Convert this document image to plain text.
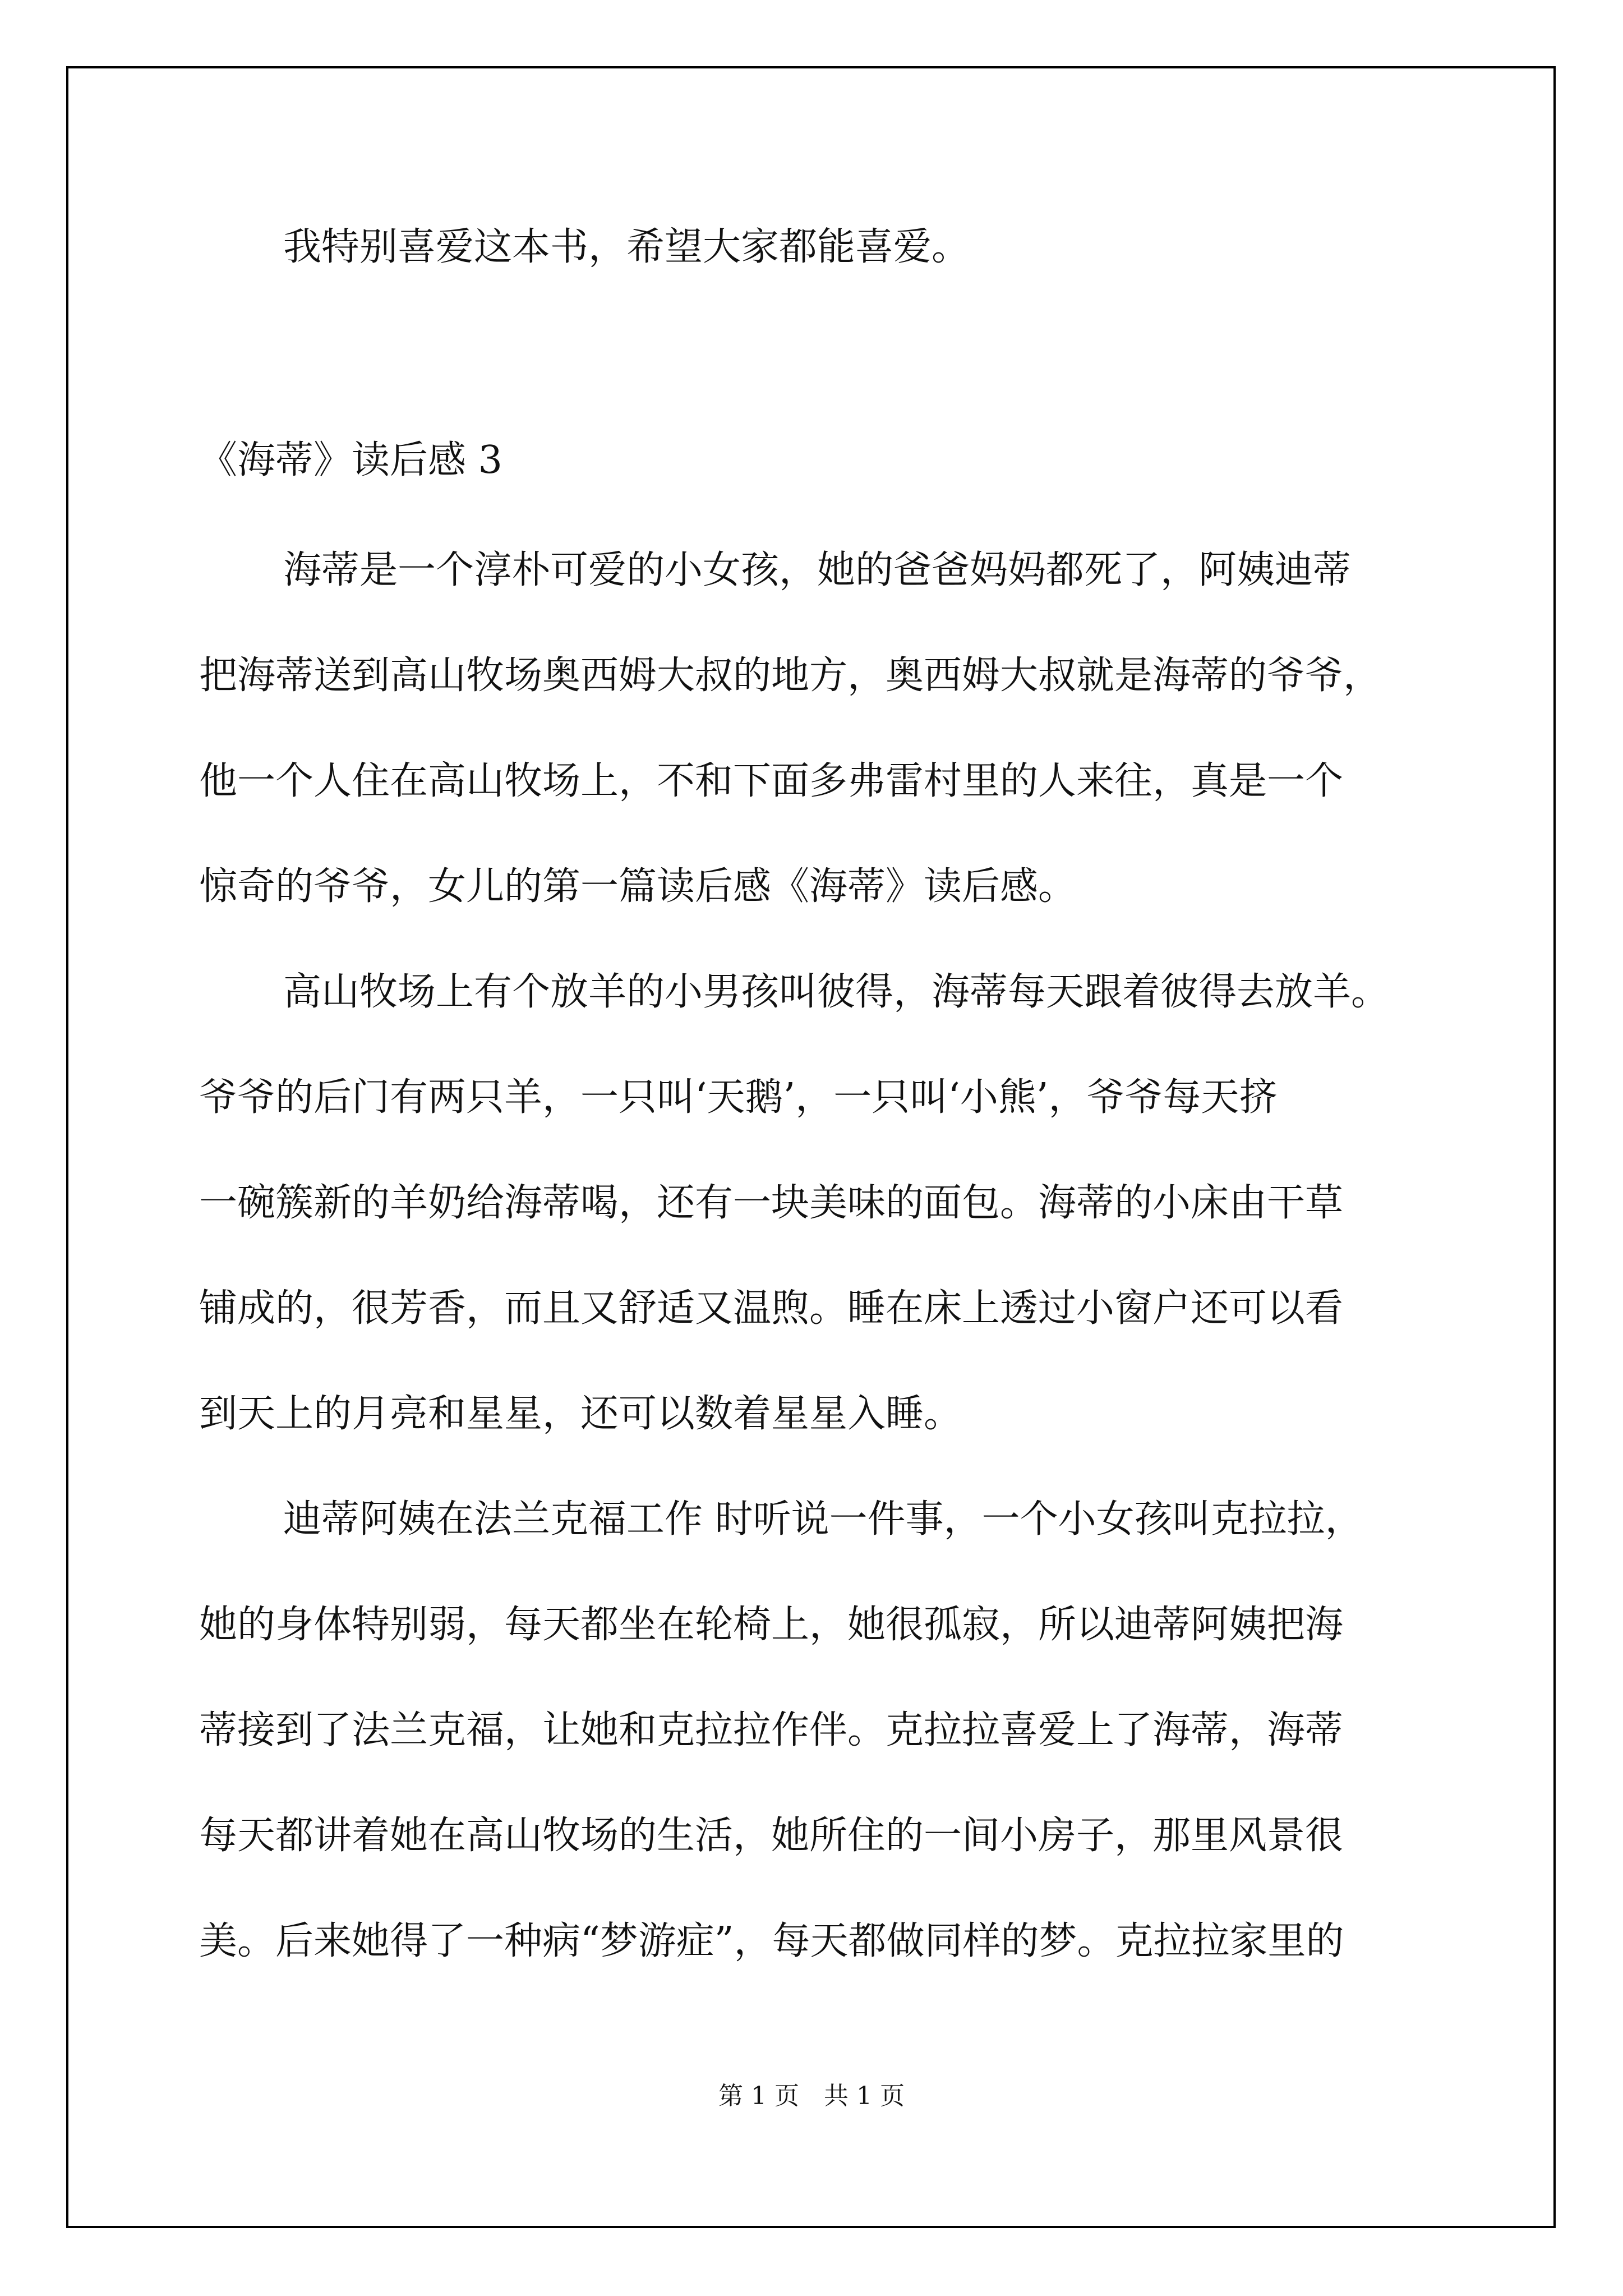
我特别喜爱这本书，希望大家都能喜爱。

《海蒂》读后感 3

海蒂是一个淳朴可爱的小女孩，她的爸爸妈妈都死了，阿姨迪蒂

把海蒂送到高山牧场奥西姆大叔的地方，奥西姆大叔就是海蒂的爷爷，

他一个人住在高山牧场上，不和下面多弗雷村里的人来往，真是一个

惊奇的爷爷，女儿的第一篇读后感《海蒂》读后感。

高山牧场上有个放羊的小男孩叫彼得，海蒂每天跟着彼得去放羊。

爷爷的后门有两只羊，一只叫‘天鹅’，一只叫‘小熊’，爷爷每天挤

一碗簇新的羊奶给海蒂喝，还有一块美味的面包。海蒂的小床由干草

铺成的，很芳香，而且又舒适又温煦。睡在床上透过小窗户还可以看

到天上的月亮和星星，还可以数着星星入睡。

迪蒂阿姨在法兰克福工作 时听说一件事，一个小女孩叫克拉拉，

她的身体特别弱，每天都坐在轮椅上，她很孤寂，所以迪蒂阿姨把海

蒂接到了法兰克福，让她和克拉拉作伴。克拉拉喜爱上了海蒂，海蒂

每天都讲着她在高山牧场的生活，她所住的一间小房子，那里风景很

美。后来她得了一种病“梦游症”，每天都做同样的梦。克拉拉家里的

第 1 页　共 1 页
